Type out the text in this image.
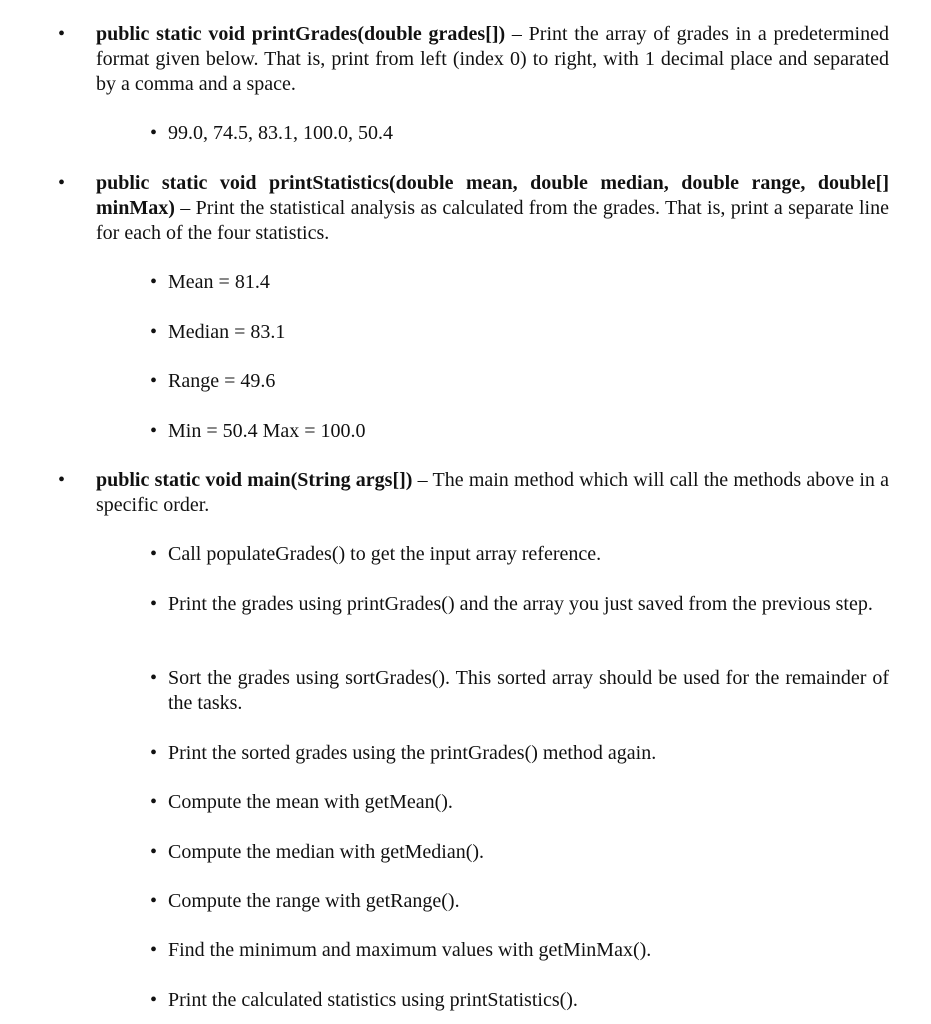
• public static void printGrades(double grades[]) – Print the array of grades in a predetermined format given below. That is, print from left (index 0) to right, with 1 decimal place and separated by a comma and a space.
• 99.0, 74.5, 83.1, 100.0, 50.4
• public static void printStatistics(double mean, double median, double range, double[] minMax) – Print the statistical analysis as calculated from the grades. That is, print a separate line for each of the four statistics.
• Mean = 81.4
• Median = 83.1
• Range = 49.6
• Min = 50.4 Max = 100.0
• public static void main(String args[]) – The main method which will call the methods above in a specific order.
• Call populateGrades() to get the input array reference.
• Print the grades using printGrades() and the array you just saved from the previous step.
• Sort the grades using sortGrades(). This sorted array should be used for the remainder of the tasks.
• Print the sorted grades using the printGrades() method again.
• Compute the mean with getMean().
• Compute the median with getMedian().
• Compute the range with getRange().
• Find the minimum and maximum values with getMinMax().
• Print the calculated statistics using printStatistics().
